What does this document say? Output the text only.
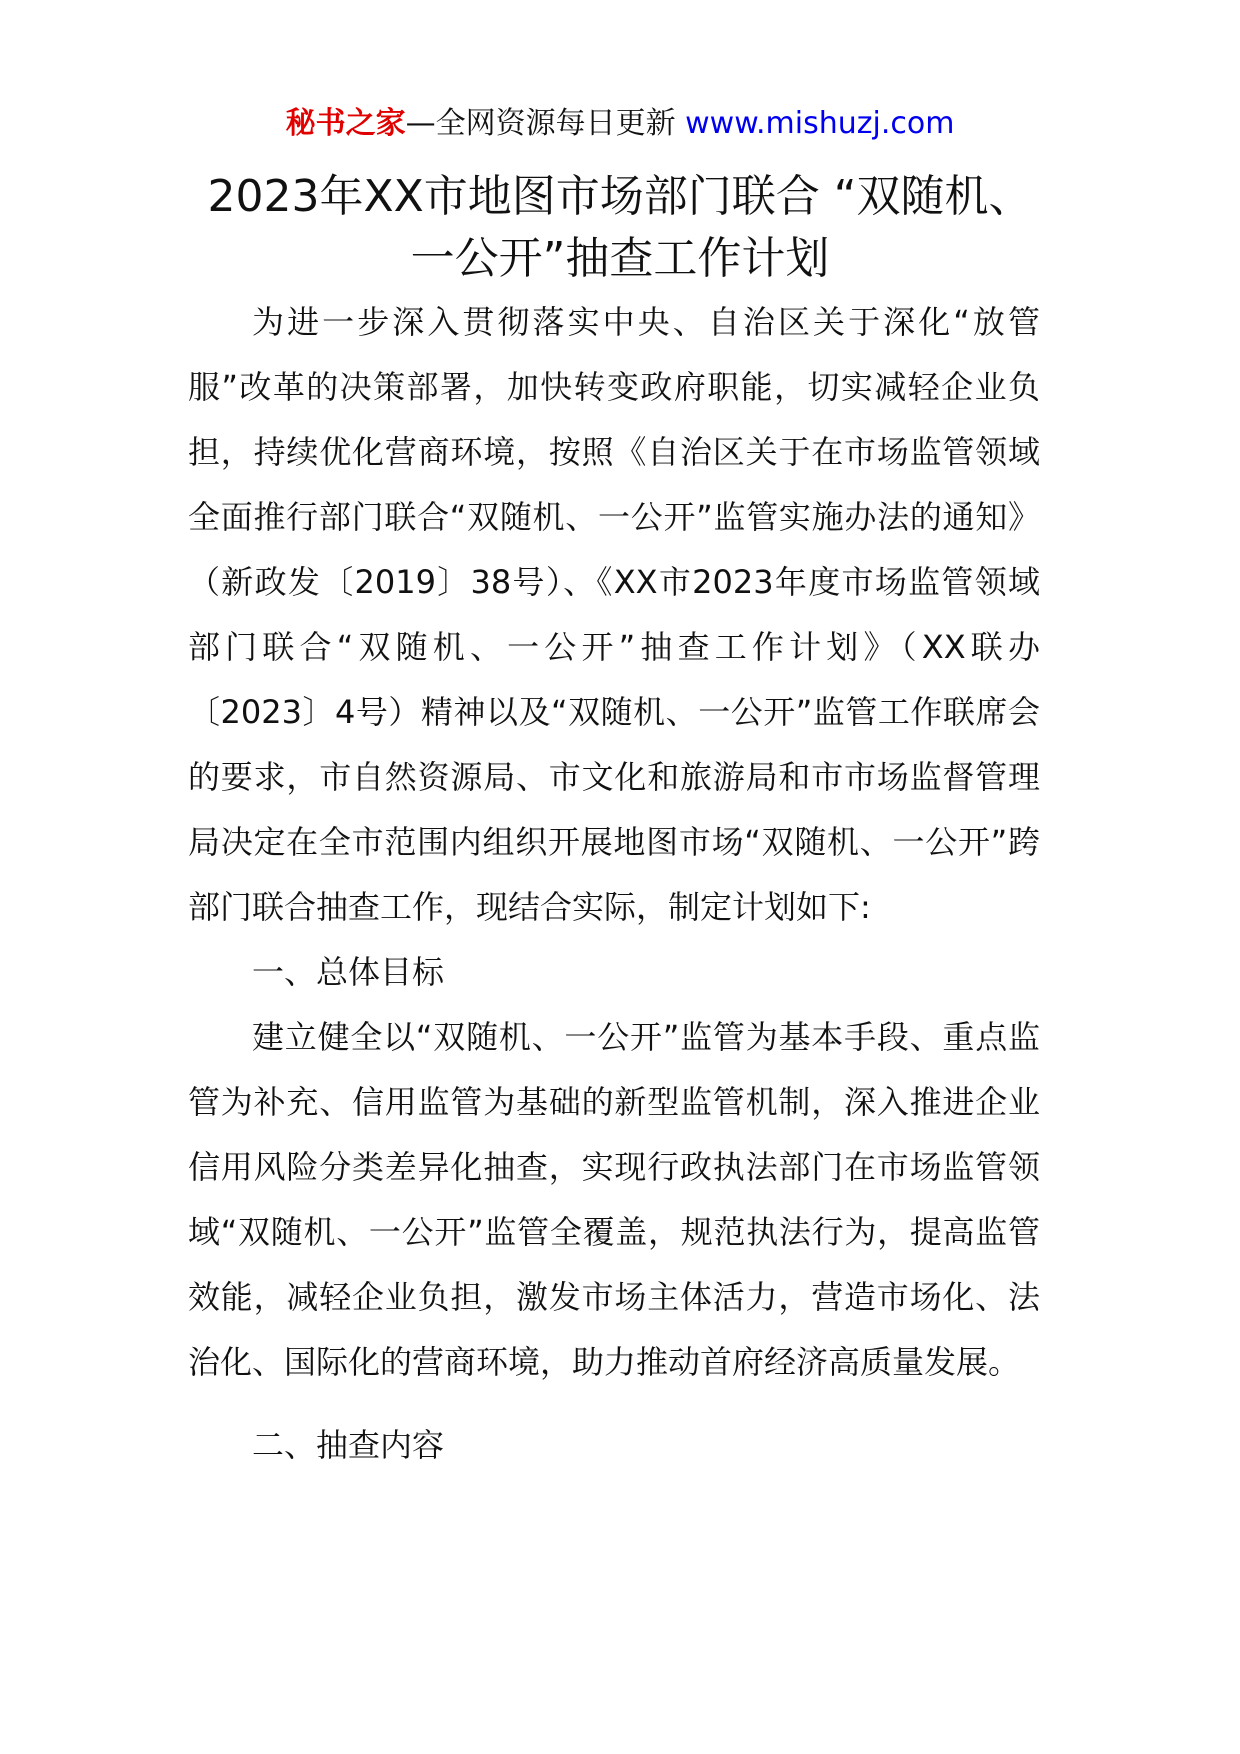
秘书之家—全网资源每日更新 www.mishuzj.com
2023年XX市地图市场部门联合 “双随机、
一公开”抽查工作计划

为进一步深入贯彻落实中央、自治区关于深化“放管服”改革的决策部署，加快转变政府职能，切实减轻企业负担，持续优化营商环境，按照《自治区关于在市场监管领域全面推行部门联合“双随机、一公开”监管实施办法的通知》（新政发〔2019〕38号）、《XX市2023年度市场监管领域部门联合“双随机、一公开”抽查工作计划》（XX联办〔2023〕4号）精神以及“双随机、一公开”监管工作联席会的要求，市自然资源局、市文化和旅游局和市市场监督管理局决定在全市范围内组织开展地图市场“双随机、一公开”跨部门联合抽查工作，现结合实际，制定计划如下:

一、总体目标

建立健全以“双随机、一公开”监管为基本手段、重点监管为补充、信用监管为基础的新型监管机制，深入推进企业信用风险分类差异化抽查，实现行政执法部门在市场监管领域“双随机、一公开”监管全覆盖，规范执法行为，提高监管效能，减轻企业负担，激发市场主体活力，营造市场化、法治化、国际化的营商环境，助力推动首府经济高质量发展。

二、抽查内容
